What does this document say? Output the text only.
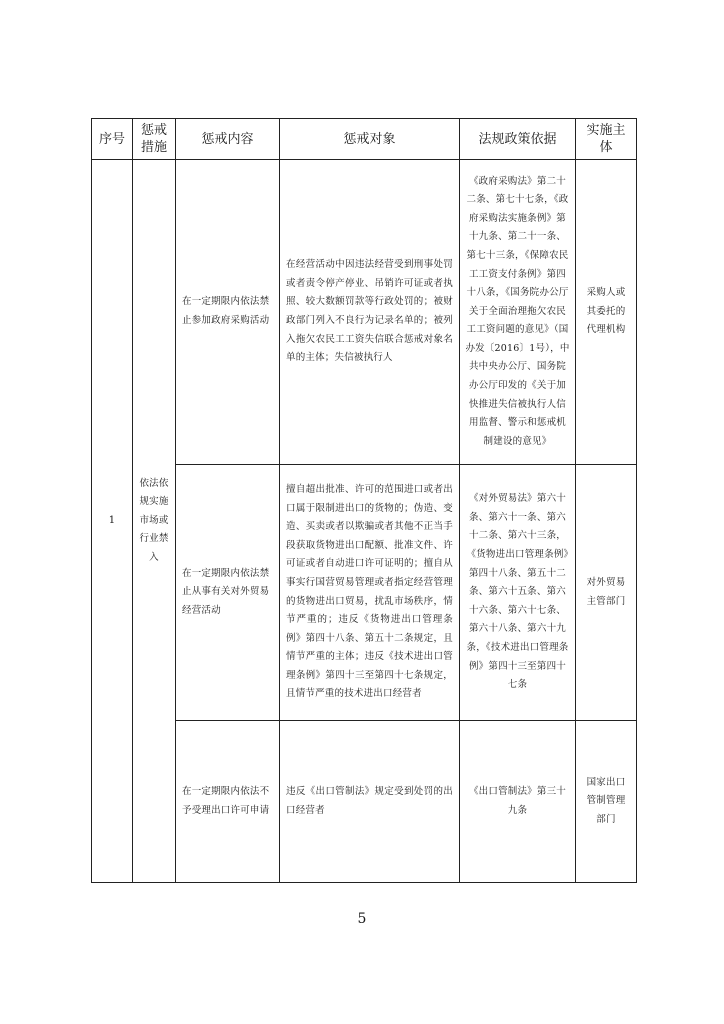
序号	惩戒措施	惩戒内容	惩戒对象	法规政策依据	实施主体
1	依法依规实施市场或行业禁入	在一定期限内依法禁止参加政府采购活动	在经营活动中因违法经营受到刑事处罚或者责令停产停业、吊销许可证或者执照、较大数额罚款等行政处罚的；被财政部门列入不良行为记录名单的；被列入拖欠农民工工资失信联合惩戒对象名单的主体；失信被执行人	《政府采购法》第二十二条、第七十七条，《政府采购法实施条例》第十九条、第二十一条、第七十三条，《保障农民工工资支付条例》第四十八条，《国务院办公厅关于全面治理拖欠农民工工资问题的意见》（国办发〔2016〕1号），中共中央办公厅、国务院办公厅印发的《关于加快推进失信被执行人信用监督、警示和惩戒机制建设的意见》	采购人或其委托的代理机构
		在一定期限内依法禁止从事有关对外贸易经营活动	擅自超出批准、许可的范围进口或者出口属于限制进出口的货物的；伪造、变造、买卖或者以欺骗或者其他不正当手段获取货物进出口配额、批准文件、许可证或者自动进口许可证明的；擅自从事实行国营贸易管理或者指定经营管理的货物进出口贸易，扰乱市场秩序，情节严重的；违反《货物进出口管理条例》第四十八条、第五十二条规定，且情节严重的主体；违反《技术进出口管理条例》第四十三至第四十七条规定，且情节严重的技术进出口经营者	《对外贸易法》第六十条、第六十一条、第六十二条、第六十三条，《货物进出口管理条例》第四十八条、第五十二条、第六十五条、第六十六条、第六十七条、第六十八条、第六十九条，《技术进出口管理条例》第四十三至第四十七条	对外贸易主管部门
		在一定期限内依法不予受理出口许可申请	违反《出口管制法》规定受到处罚的出口经营者	《出口管制法》第三十九条	国家出口管制管理部门
5
